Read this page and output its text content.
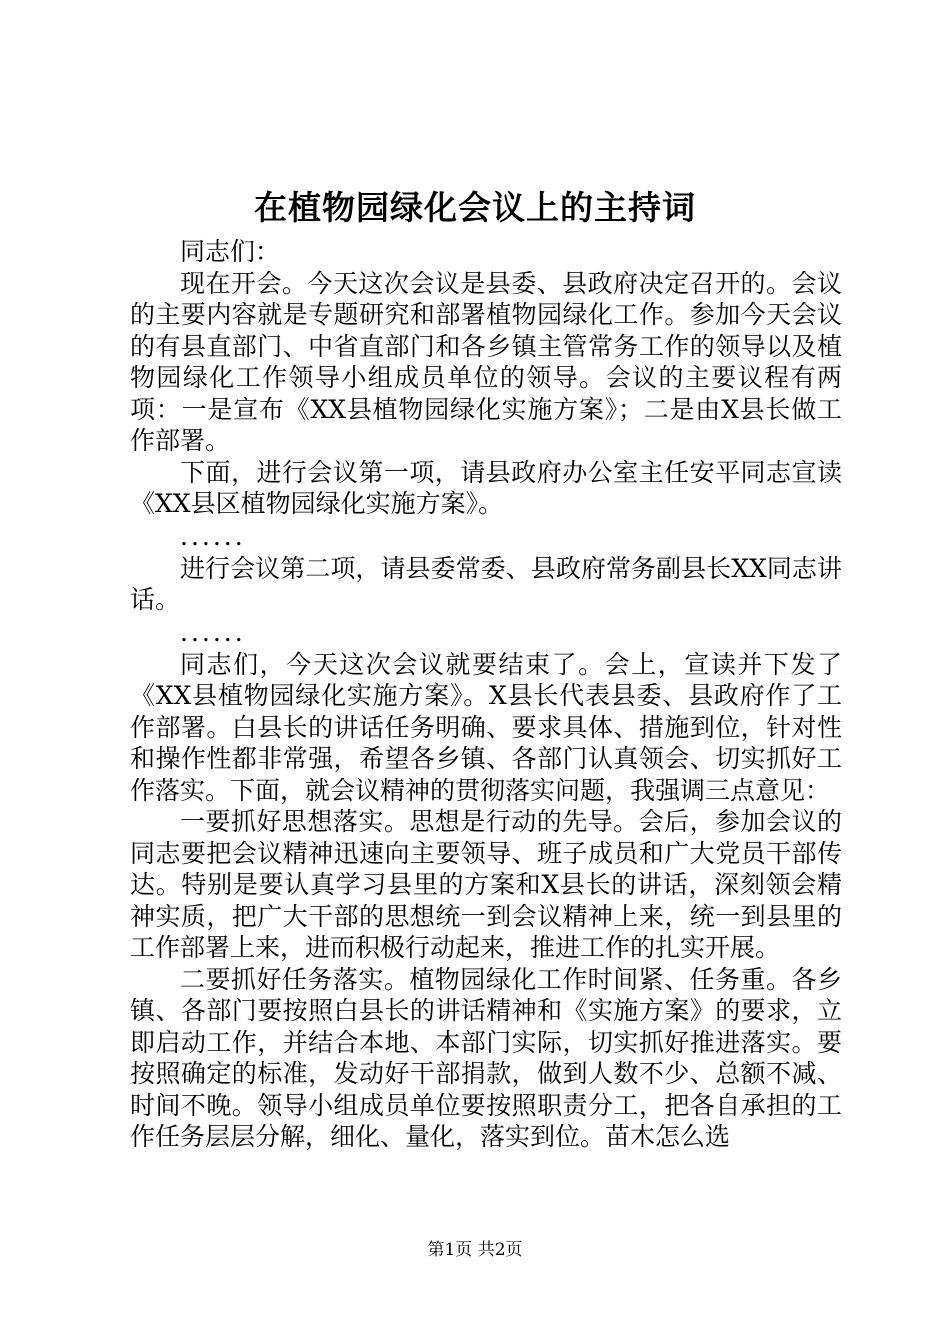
在植物园绿化会议上的主持词

同志们：

现在开会。今天这次会议是县委、县政府决定召开的。会议的主要内容就是专题研究和部署植物园绿化工作。参加今天会议的有县直部门、中省直部门和各乡镇主管常务工作的领导以及植物园绿化工作领导小组成员单位的领导。会议的主要议程有两项：一是宣布《XX县植物园绿化实施方案》；二是由X县长做工作部署。

下面，进行会议第一项，请县政府办公室主任安平同志宣读《XX县区植物园绿化实施方案》。

......

进行会议第二项，请县委常委、县政府常务副县长XX同志讲话。

......

同志们，今天这次会议就要结束了。会上，宣读并下发了《XX县植物园绿化实施方案》。X县长代表县委、县政府作了工作部署。白县长的讲话任务明确、要求具体、措施到位，针对性和操作性都非常强，希望各乡镇、各部门认真领会、切实抓好工作落实。下面，就会议精神的贯彻落实问题，我强调三点意见：

一要抓好思想落实。思想是行动的先导。会后，参加会议的同志要把会议精神迅速向主要领导、班子成员和广大党员干部传达。特别是要认真学习县里的方案和X县长的讲话，深刻领会精神实质，把广大干部的思想统一到会议精神上来，统一到县里的工作部署上来，进而积极行动起来，推进工作的扎实开展。

二要抓好任务落实。植物园绿化工作时间紧、任务重。各乡镇、各部门要按照白县长的讲话精神和《实施方案》的要求，立即启动工作，并结合本地、本部门实际，切实抓好推进落实。要按照确定的标准，发动好干部捐款，做到人数不少、总额不减、时间不晚。领导小组成员单位要按照职责分工，把各自承担的工作任务层层分解，细化、量化，落实到位。苗木怎么选

第1页 共2页
